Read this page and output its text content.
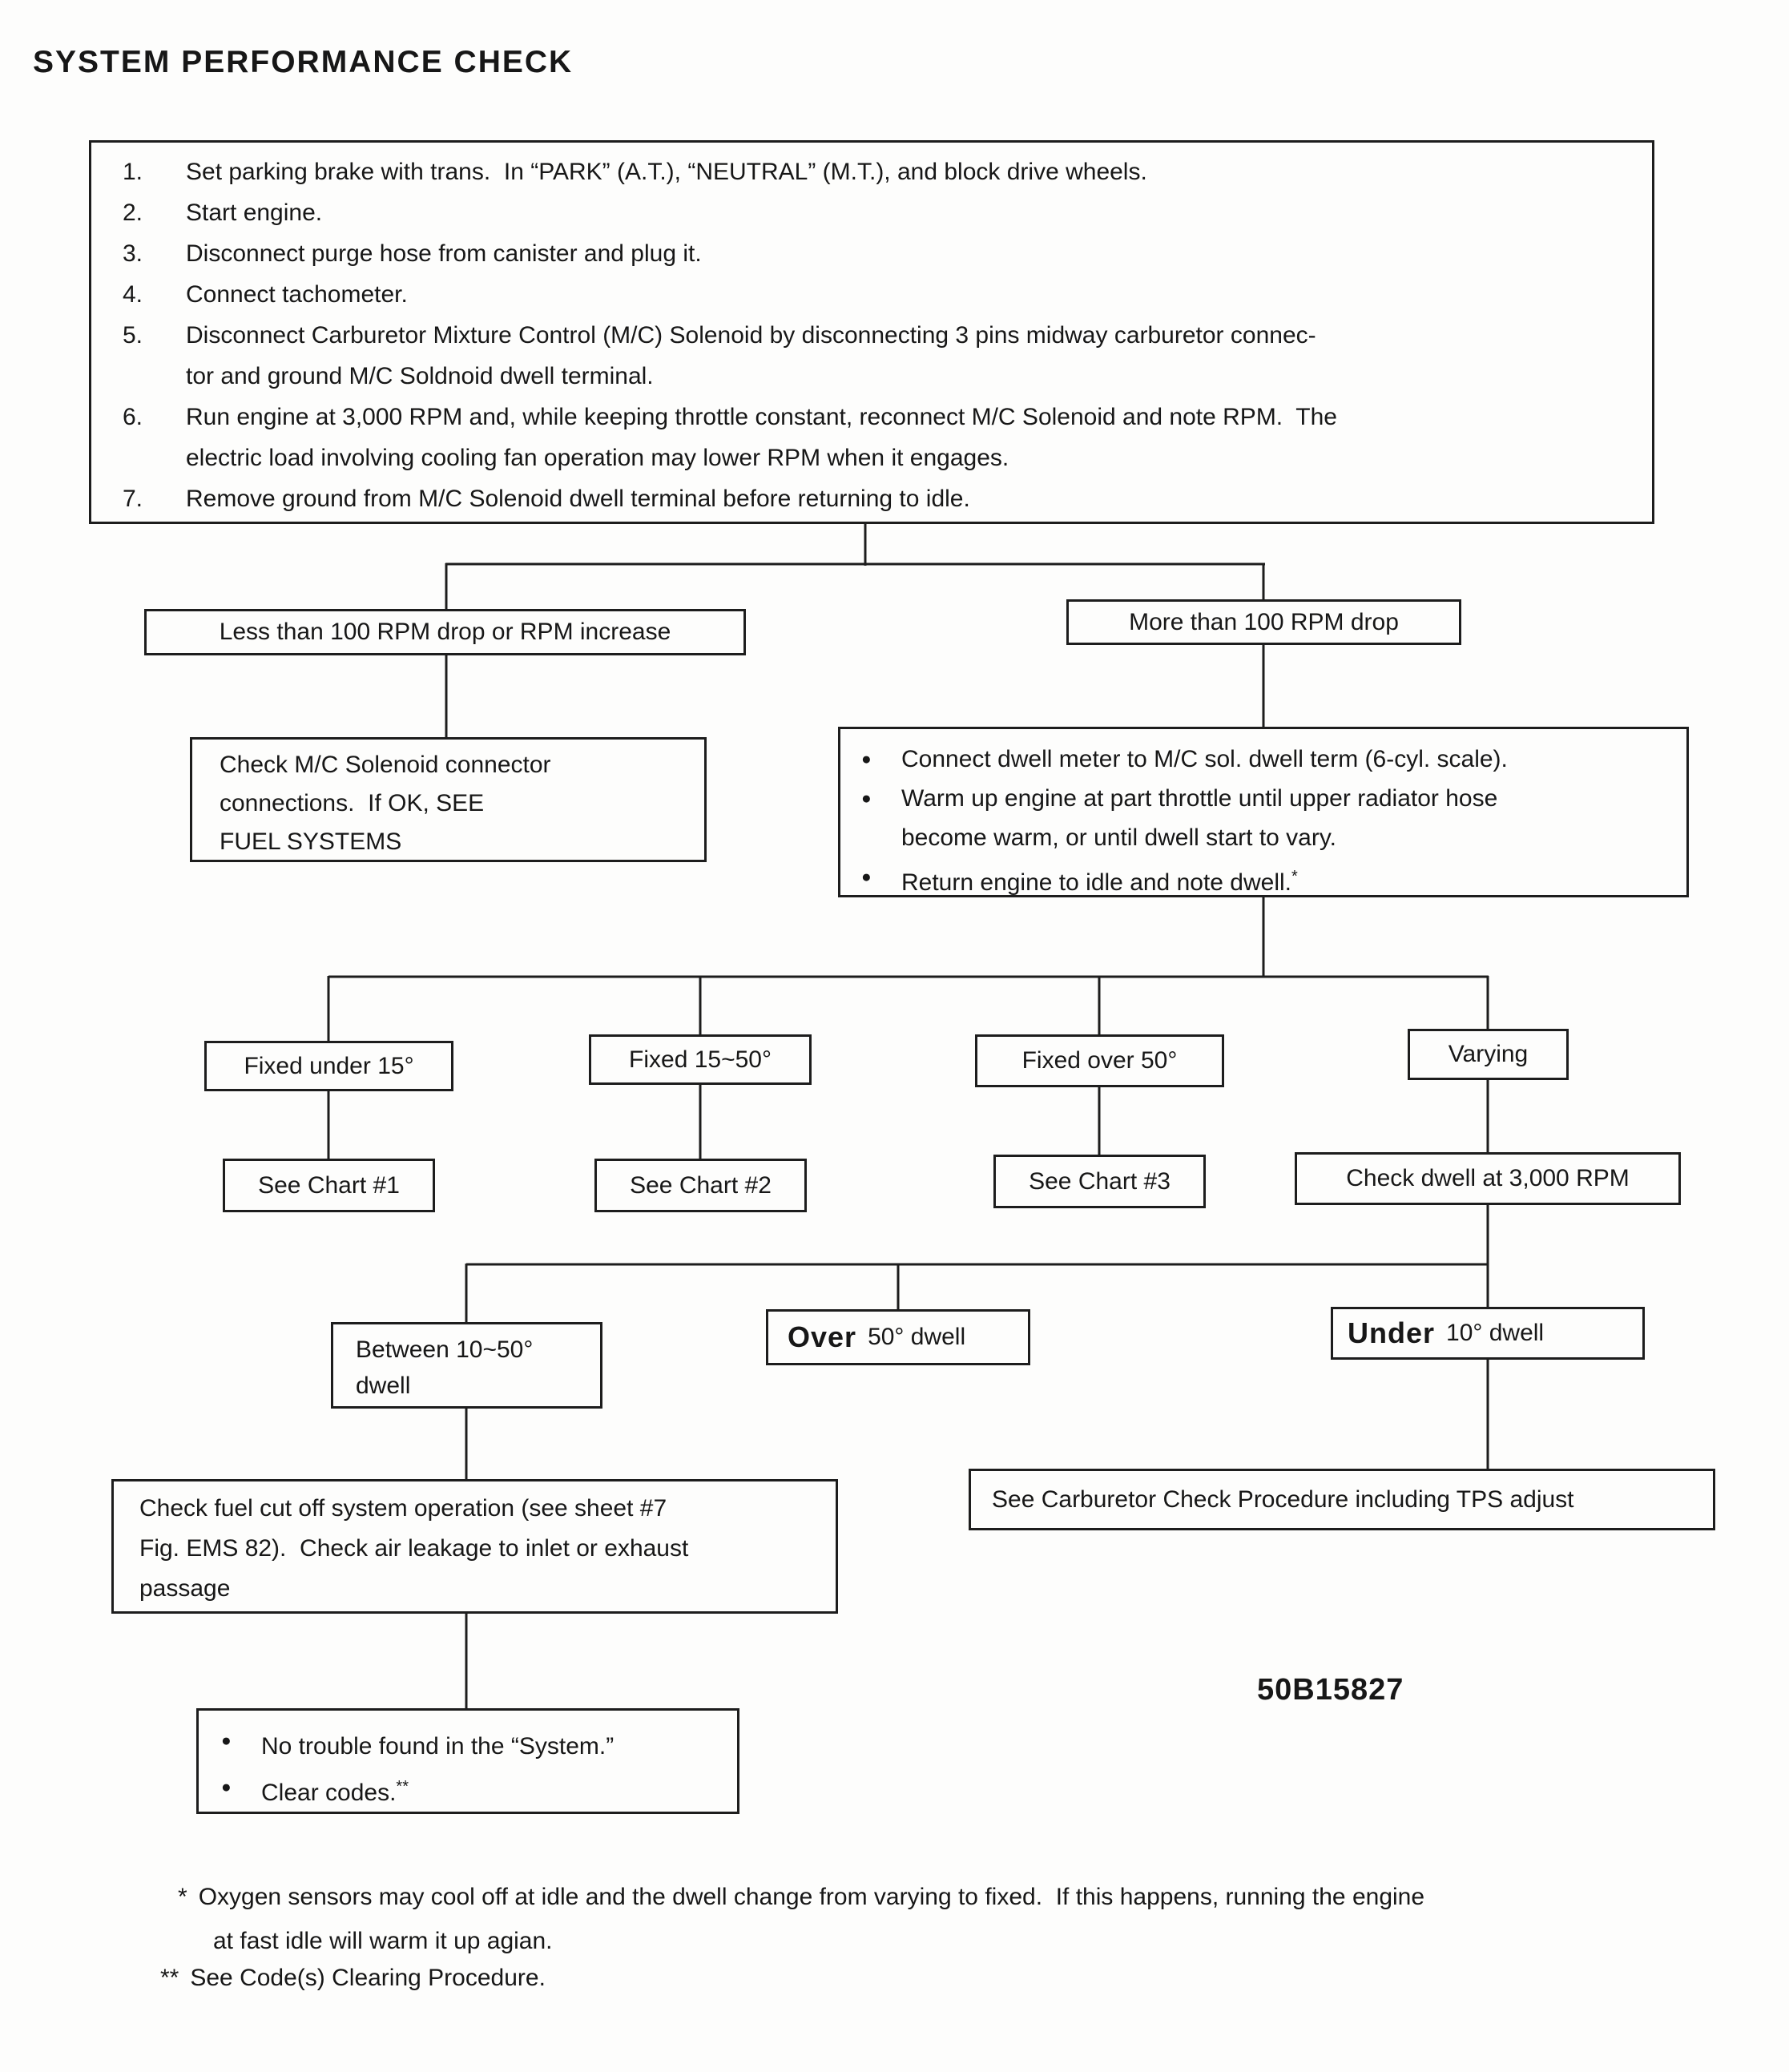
SYSTEM PERFORMANCE CHECK
1.	Set parking brake with trans.  In “PARK” (A.T.), “NEUTRAL” (M.T.), and block drive wheels.
2.	Start engine.
3.	Disconnect purge hose from canister and plug it.
4.	Connect tachometer.
5.	Disconnect Carburetor Mixture Control (M/C) Solenoid by disconnecting 3 pins midway carburetor connec-
tor and ground M/C Soldnoid dwell terminal.
6.	Run engine at 3,000 RPM and, while keeping throttle constant, reconnect M/C Solenoid and note RPM.  The
electric load involving cooling fan operation may lower RPM when it engages.
7.	Remove ground from M/C Solenoid dwell terminal before returning to idle.
Less than 100 RPM drop or RPM increase	More than 100 RPM drop
Check M/C Solenoid connector
connections.  If OK, SEE
FUEL SYSTEMS
●	Connect dwell meter to M/C sol. dwell term (6-cyl. scale).
●	Warm up engine at part throttle until upper radiator hose
become warm, or until dwell start to vary.
●	Return engine to idle and note dwell.*
Fixed under 15°	Fixed 15~50°	Fixed over 50°	Varying
See Chart #1	See Chart #2	See Chart #3	Check dwell at 3,000 RPM
Between 10~50°
dwell
Over 50° dwell	Under 10° dwell
See Carburetor Check Procedure including TPS adjust
Check fuel cut off system operation (see sheet #7
Fig. EMS 82).  Check air leakage to inlet or exhaust
passage
●	No trouble found in the “System.”
●	Clear codes.**
50B15827
* Oxygen sensors may cool off at idle and the dwell change from varying to fixed.  If this happens, running the engine
at fast idle will warm it up agian.
** See Code(s) Clearing Procedure.
